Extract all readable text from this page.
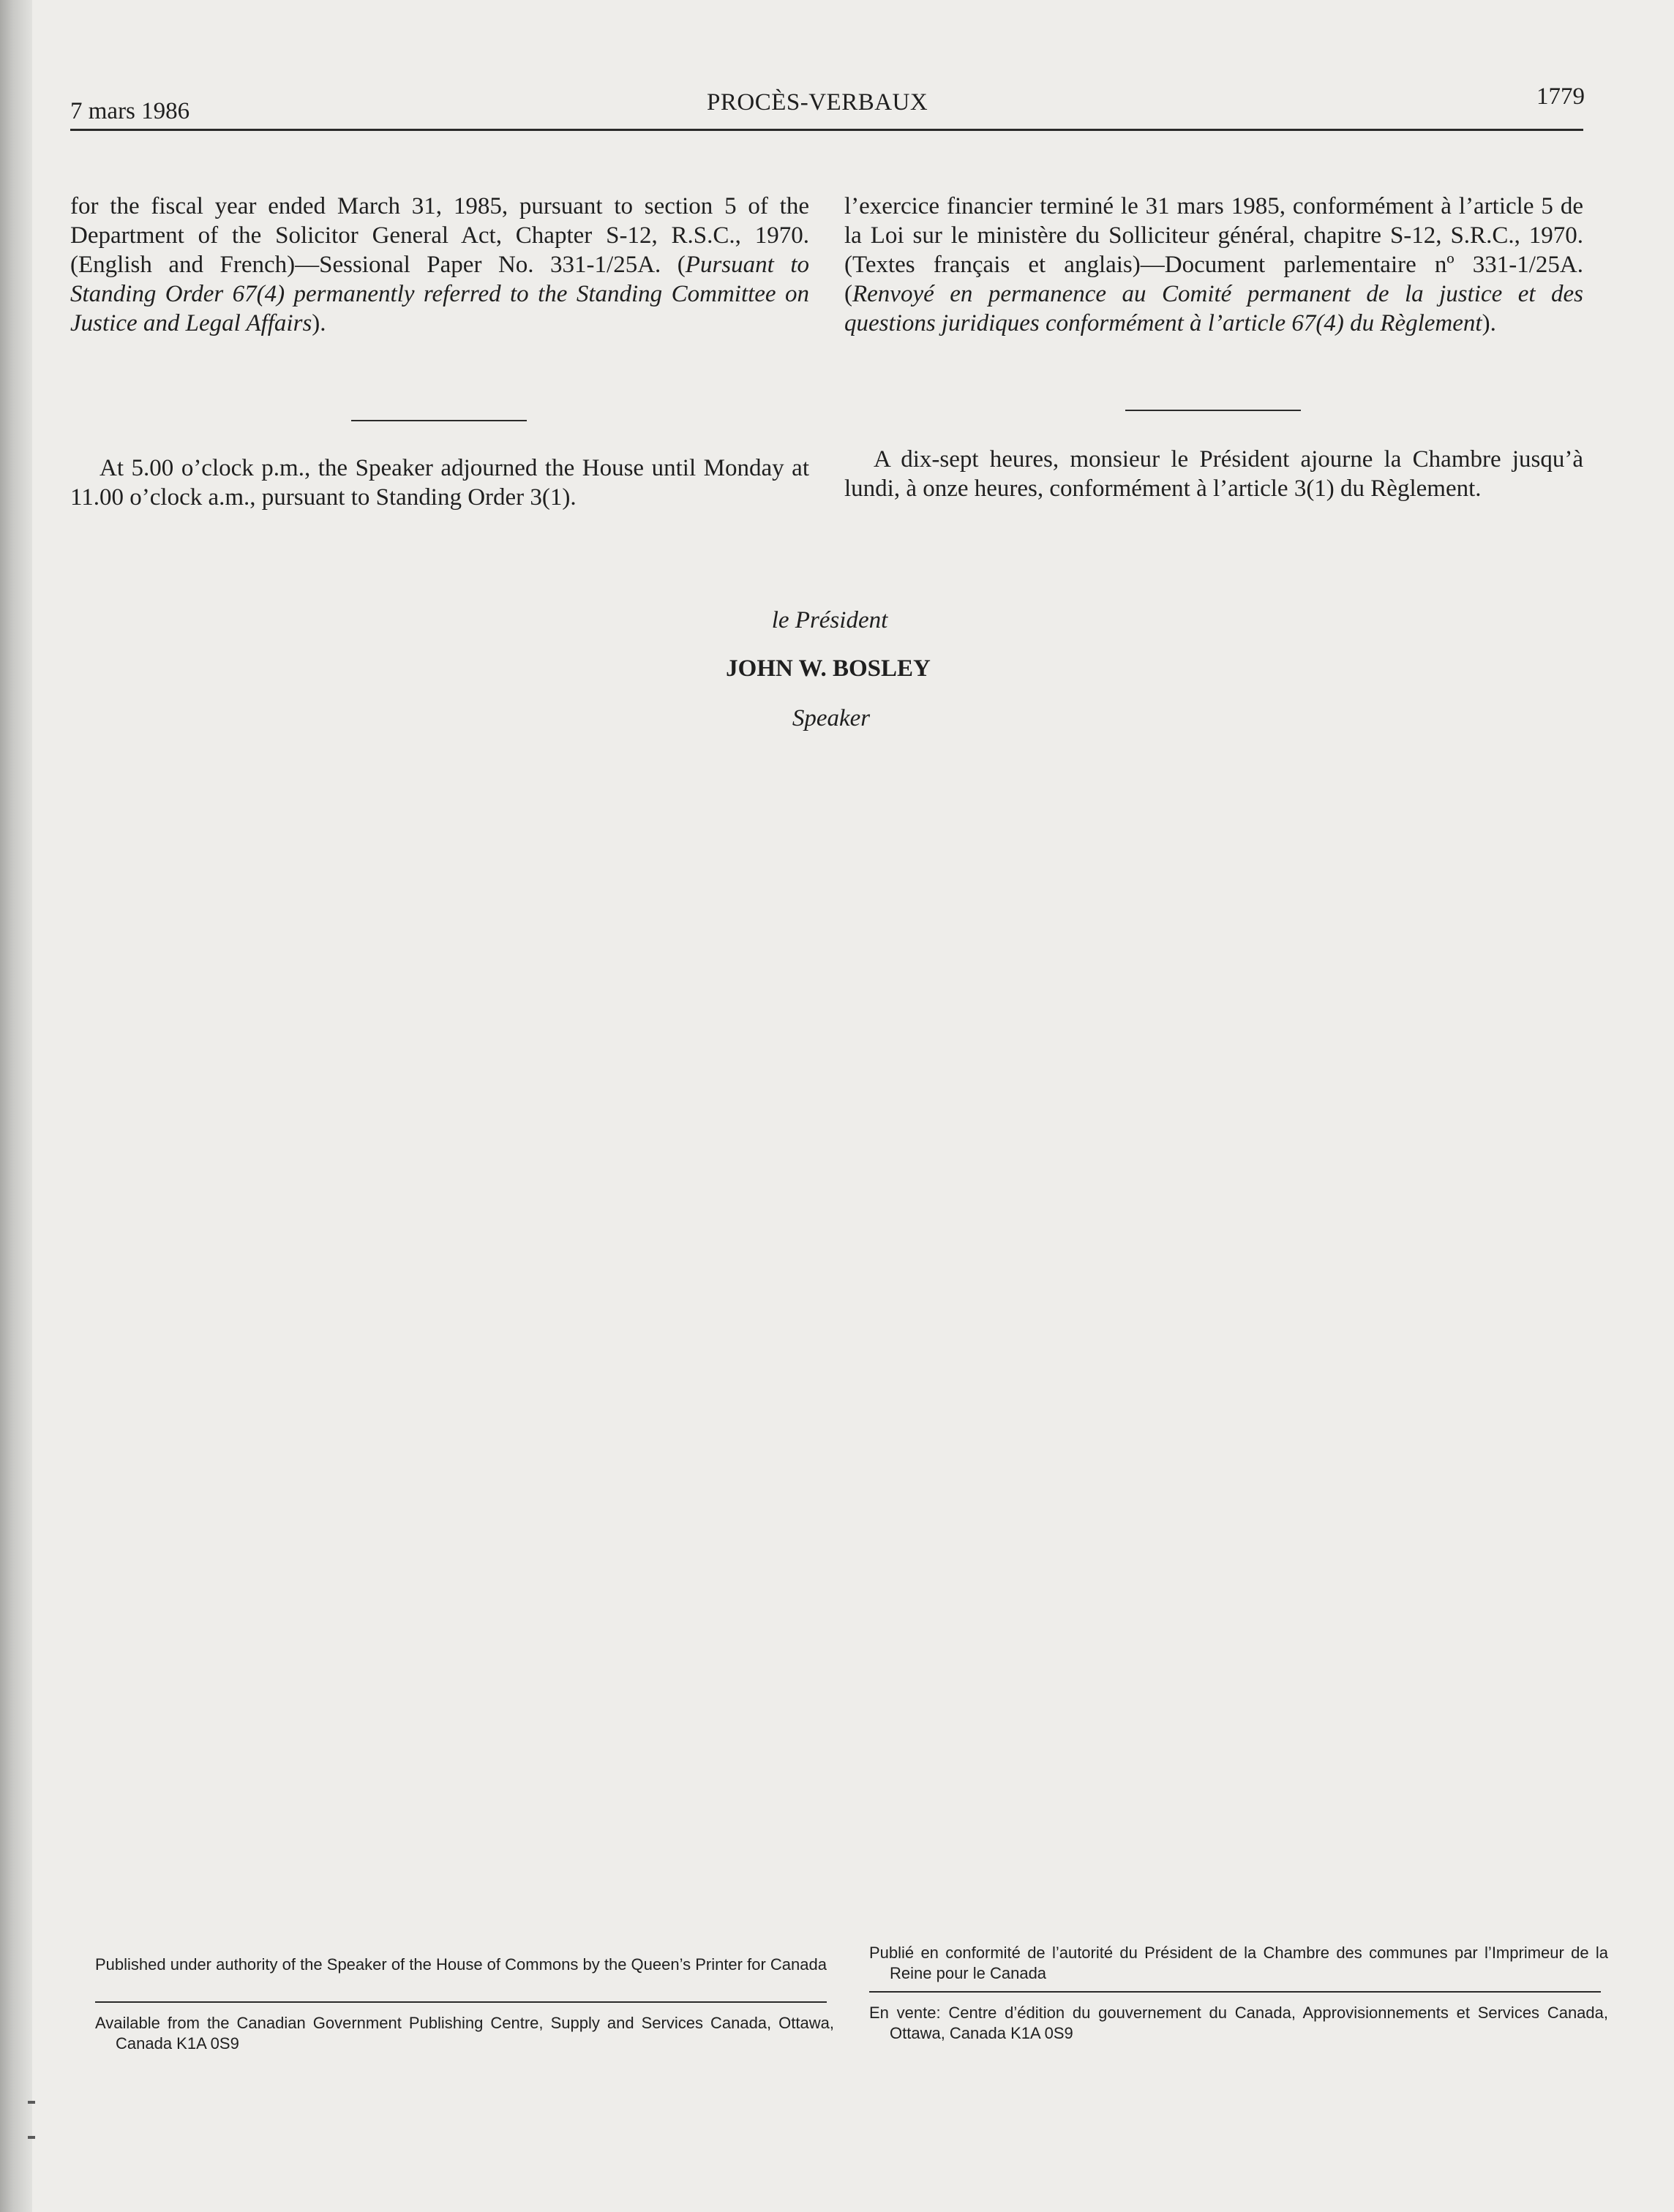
7 mars 1986	PROCÈS-VERBAUX	1779

for the fiscal year ended March 31, 1985, pursuant to section 5 of the Department of the Solicitor General Act, Chapter S-12, R.S.C., 1970. (English and French)—Sessional Paper No. 331-1/25A. (Pursuant to Standing Order 67(4) permanently referred to the Standing Committee on Justice and Legal Affairs).

At 5.00 o’clock p.m., the Speaker adjourned the House until Monday at 11.00 o’clock a.m., pursuant to Standing Order 3(1).

l’exercice financier terminé le 31 mars 1985, conformément à l’article 5 de la Loi sur le ministère du Solliciteur général, chapitre S-12, S.R.C., 1970. (Textes français et anglais)—Document parlementaire nº 331-1/25A. (Renvoyé en permanence au Comité permanent de la justice et des questions juridiques conformément à l’article 67(4) du Règlement).

A dix-sept heures, monsieur le Président ajourne la Chambre jusqu’à lundi, à onze heures, conformément à l’article 3(1) du Règlement.

le Président
JOHN W. BOSLEY
Speaker

Published under authority of the Speaker of the House of Commons by the Queen’s Printer for Canada

Available from the Canadian Government Publishing Centre, Supply and Services Canada, Ottawa, Canada K1A 0S9

Publié en conformité de l’autorité du Président de la Chambre des communes par l’Imprimeur de la Reine pour le Canada

En vente: Centre d’édition du gouvernement du Canada, Approvisionnements et Services Canada, Ottawa, Canada K1A 0S9
